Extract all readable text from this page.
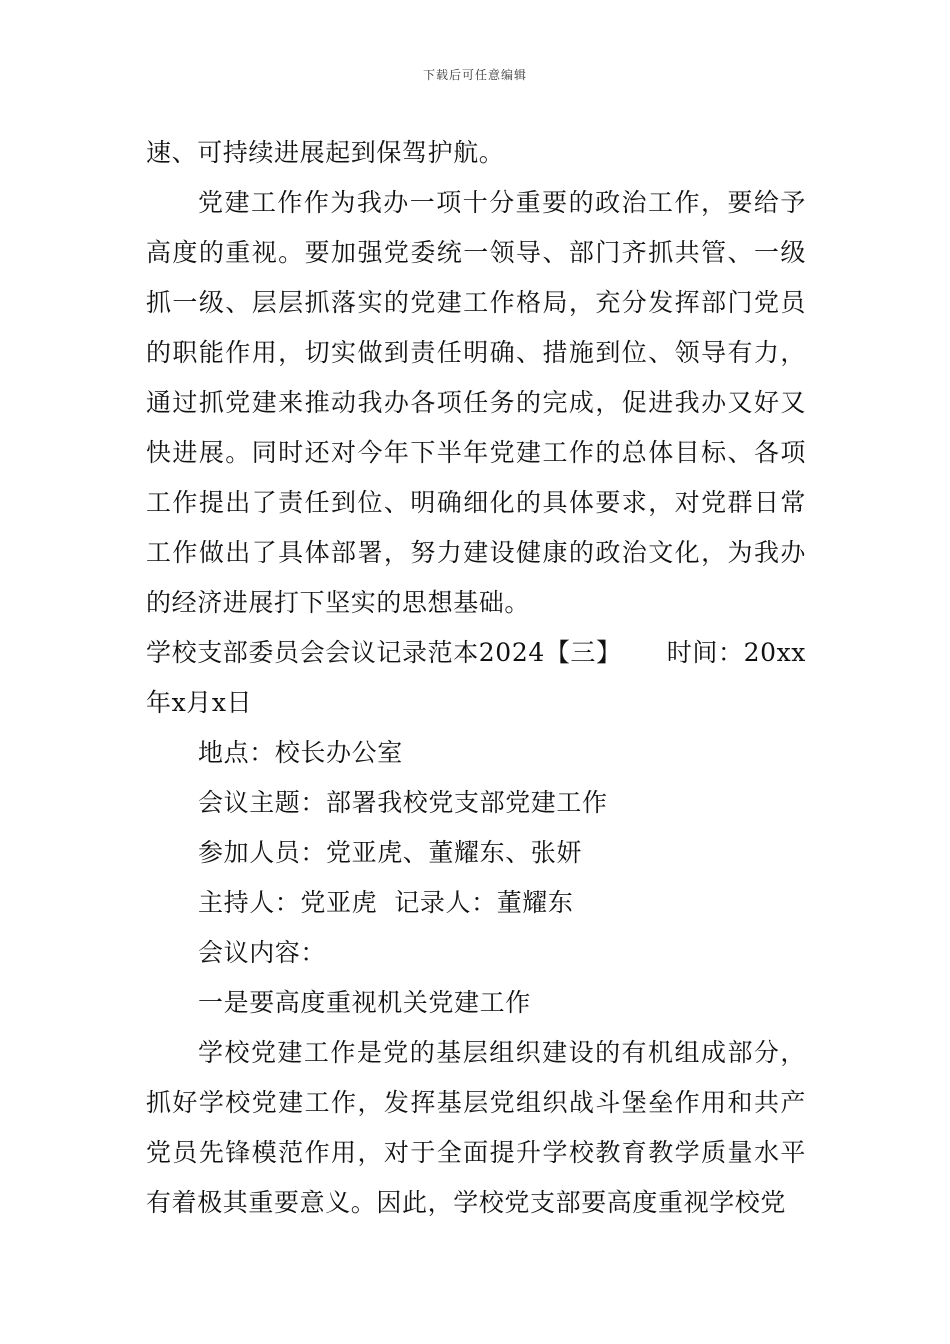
下载后可任意编辑

速、可持续进展起到保驾护航。

党建工作作为我办一项十分重要的政治工作，要给予高度的重视。要加强党委统一领导、部门齐抓共管、一级抓一级、层层抓落实的党建工作格局，充分发挥部门党员的职能作用，切实做到责任明确、措施到位、领导有力，通过抓党建来推动我办各项任务的完成，促进我办又好又快进展。同时还对今年下半年党建工作的总体目标、各项工作提出了责任到位、明确细化的具体要求，对党群日常工作做出了具体部署，努力建设健康的政治文化，为我办的经济进展打下坚实的思想基础。

学校支部委员会会议记录范本2024【三】 时间：20xx

年x月x日

地点：校长办公室

会议主题：部署我校党支部党建工作

参加人员：党亚虎、董耀东、张妍

主持人：党亚虎  记录人：董耀东

会议内容：

一是要高度重视机关党建工作

学校党建工作是党的基层组织建设的有机组成部分，抓好学校党建工作，发挥基层党组织战斗堡垒作用和共产党员先锋模范作用，对于全面提升学校教育教学质量水平有着极其重要意义。因此，学校党支部要高度重视学校党
